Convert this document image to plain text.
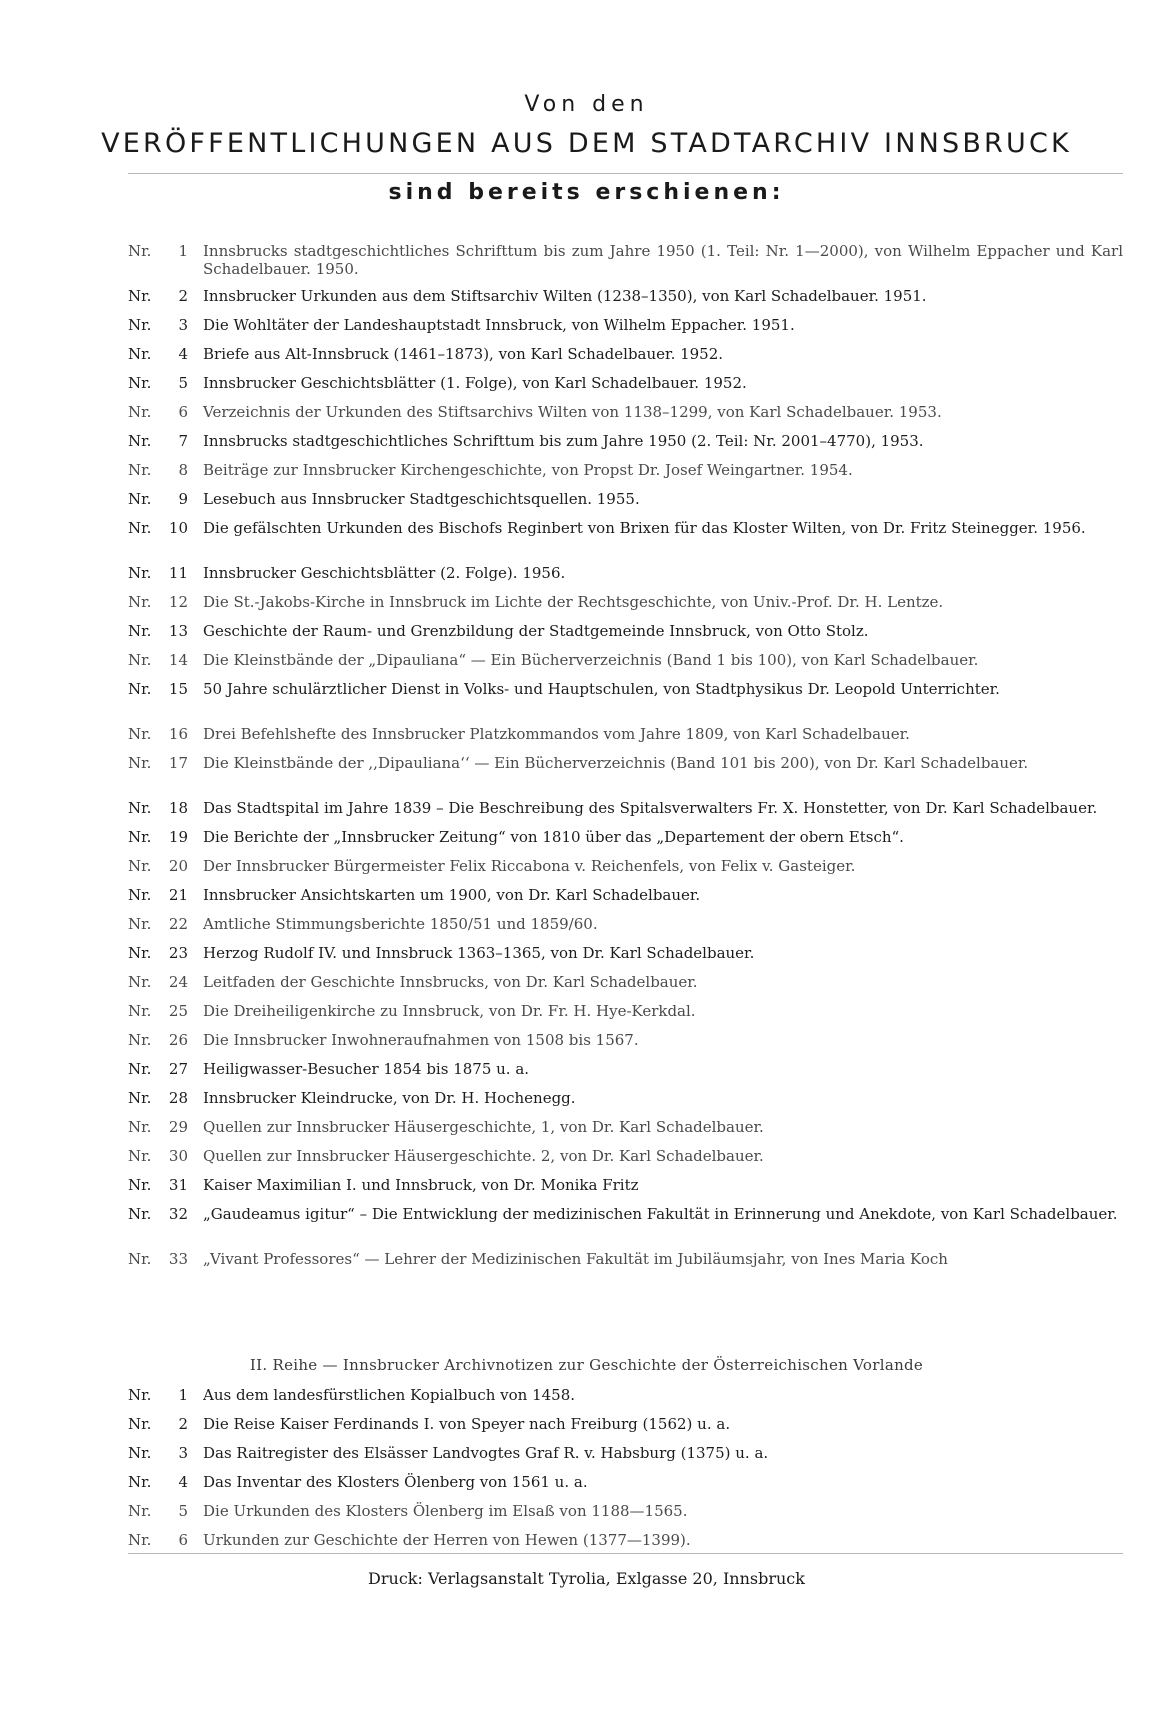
Von den
VERÖFFENTLICHUNGEN AUS DEM STADTARCHIV INNSBRUCK
sind bereits erschienen:
Nr. 1 Innsbrucks stadtgeschichtliches Schrifttum bis zum Jahre 1950 (1. Teil: Nr. 1—2000), von Wilhelm Eppacher und Karl Schadelbauer. 1950.
Nr. 2 Innsbrucker Urkunden aus dem Stiftsarchiv Wilten (1238–1350), von Karl Schadelbauer. 1951.
Nr. 3 Die Wohltäter der Landeshauptstadt Innsbruck, von Wilhelm Eppacher. 1951.
Nr. 4 Briefe aus Alt-Innsbruck (1461–1873), von Karl Schadelbauer. 1952.
Nr. 5 Innsbrucker Geschichtsblätter (1. Folge), von Karl Schadelbauer. 1952.
Nr. 6 Verzeichnis der Urkunden des Stiftsarchivs Wilten von 1138–1299, von Karl Schadelbauer. 1953.
Nr. 7 Innsbrucks stadtgeschichtliches Schrifttum bis zum Jahre 1950 (2. Teil: Nr. 2001–4770), 1953.
Nr. 8 Beiträge zur Innsbrucker Kirchengeschichte, von Propst Dr. Josef Weingartner. 1954.
Nr. 9 Lesebuch aus Innsbrucker Stadtgeschichtsquellen. 1955.
Nr. 10 Die gefälschten Urkunden des Bischofs Reginbert von Brixen für das Kloster Wilten, von Dr. Fritz Steinegger. 1956.
Nr. 11 Innsbrucker Geschichtsblätter (2. Folge). 1956.
Nr. 12 Die St.-Jakobs-Kirche in Innsbruck im Lichte der Rechtsgeschichte, von Univ.-Prof. Dr. H. Lentze.
Nr. 13 Geschichte der Raum- und Grenzbildung der Stadtgemeinde Innsbruck, von Otto Stolz.
Nr. 14 Die Kleinstbände der „Dipauliana“ — Ein Bücherverzeichnis (Band 1 bis 100), von Karl Schadelbauer.
Nr. 15 50 Jahre schulärztlicher Dienst in Volks- und Hauptschulen, von Stadtphysikus Dr. Leopold Unterrichter.
Nr. 16 Drei Befehlshefte des Innsbrucker Platzkommandos vom Jahre 1809, von Karl Schadelbauer.
Nr. 17 Die Kleinstbände der ,,Dipauliana‘‘ — Ein Bücherverzeichnis (Band 101 bis 200), von Dr. Karl Schadelbauer.
Nr. 18 Das Stadtspital im Jahre 1839 – Die Beschreibung des Spitalsverwalters Fr. X. Honstetter, von Dr. Karl Schadelbauer.
Nr. 19 Die Berichte der „Innsbrucker Zeitung“ von 1810 über das „Departement der obern Etsch“.
Nr. 20 Der Innsbrucker Bürgermeister Felix Riccabona v. Reichenfels, von Felix v. Gasteiger.
Nr. 21 Innsbrucker Ansichtskarten um 1900, von Dr. Karl Schadelbauer.
Nr. 22 Amtliche Stimmungsberichte 1850/51 und 1859/60.
Nr. 23 Herzog Rudolf IV. und Innsbruck 1363–1365, von Dr. Karl Schadelbauer.
Nr. 24 Leitfaden der Geschichte Innsbrucks, von Dr. Karl Schadelbauer.
Nr. 25 Die Dreiheiligenkirche zu Innsbruck, von Dr. Fr. H. Hye-Kerkdal.
Nr. 26 Die Innsbrucker Inwohneraufnahmen von 1508 bis 1567.
Nr. 27 Heiligwasser-Besucher 1854 bis 1875 u. a.
Nr. 28 Innsbrucker Kleindrucke, von Dr. H. Hochenegg.
Nr. 29 Quellen zur Innsbrucker Häusergeschichte, 1, von Dr. Karl Schadelbauer.
Nr. 30 Quellen zur Innsbrucker Häusergeschichte. 2, von Dr. Karl Schadelbauer.
Nr. 31 Kaiser Maximilian I. und Innsbruck, von Dr. Monika Fritz
Nr. 32 „Gaudeamus igitur“ – Die Entwicklung der medizinischen Fakultät in Erinnerung und Anekdote, von Karl Schadelbauer.
Nr. 33 „Vivant Professores“ — Lehrer der Medizinischen Fakultät im Jubiläumsjahr, von Ines Maria Koch
II. Reihe — Innsbrucker Archivnotizen zur Geschichte der Österreichischen Vorlande
Nr. 1 Aus dem landesfürstlichen Kopialbuch von 1458.
Nr. 2 Die Reise Kaiser Ferdinands I. von Speyer nach Freiburg (1562) u. a.
Nr. 3 Das Raitregister des Elsässer Landvogtes Graf R. v. Habsburg (1375) u. a.
Nr. 4 Das Inventar des Klosters Ölenberg von 1561 u. a.
Nr. 5 Die Urkunden des Klosters Ölenberg im Elsaß von 1188—1565.
Nr. 6 Urkunden zur Geschichte der Herren von Hewen (1377—1399).
Druck: Verlagsanstalt Tyrolia, Exlgasse 20, Innsbruck
